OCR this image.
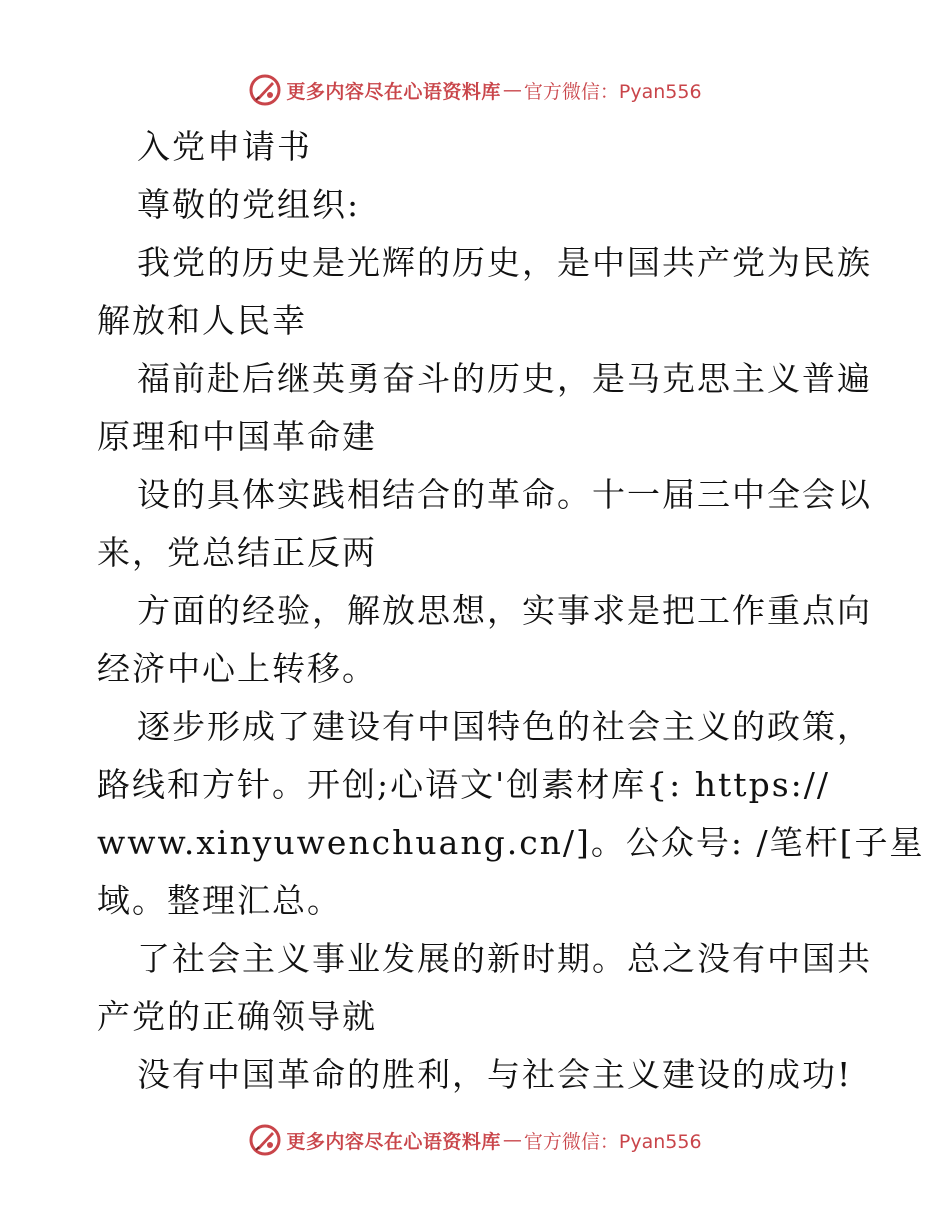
更多内容尽在心语资料库 — 官方微信：Pyan556
入党申请书
尊敬的党组织:
我党的历史是光辉的历史，是中国共产党为民族
解放和人民幸
福前赴后继英勇奋斗的历史，是马克思主义普遍
原理和中国革命建
设的具体实践相结合的革命。十一届三中全会以
来，党总结正反两
方面的经验，解放思想，实事求是把工作重点向
经济中心上转移。
逐步形成了建设有中国特色的社会主义的政策，
路线和方针。开创;心语文'创素材库{: https://
www.xinyuwenchuang.cn/]。公众号: /笔杆[子星
域。整理汇总。
了社会主义事业发展的新时期。总之没有中国共
产党的正确领导就
没有中国革命的胜利，与社会主义建设的成功!
更多内容尽在心语资料库 — 官方微信：Pyan556
